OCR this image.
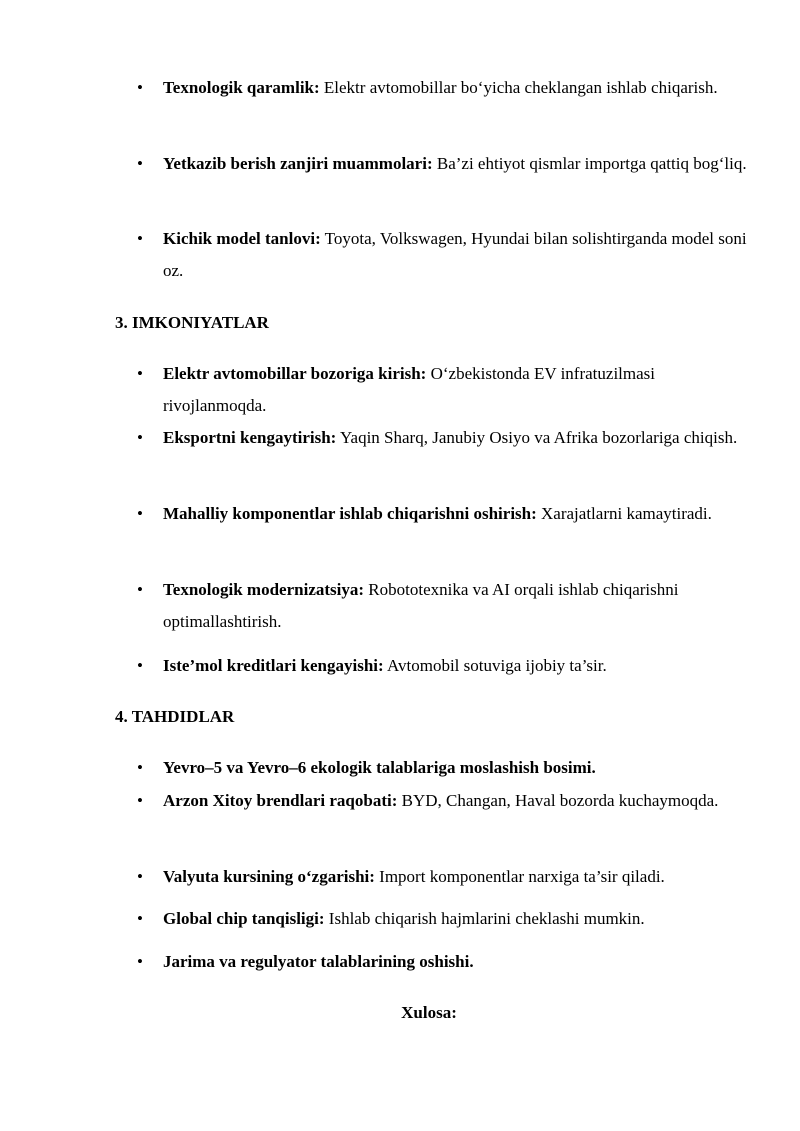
•	Texnologik qaramlik: Elektr avtomobillar bo‘yicha cheklangan ishlab chiqarish.
•	Yetkazib berish zanjiri muammolari: Ba’zi ehtiyot qismlar importga qattiq bog‘liq.
•	Kichik model tanlovi: Toyota, Volkswagen, Hyundai bilan solishtirganda model soni oz.
3. IMKONIYATLAR
•	Elektr avtomobillar bozoriga kirish: O‘zbekistonda EV infratuzilmasi rivojlanmoqda.
•	Eksportni kengaytirish: Yaqin Sharq, Janubiy Osiyo va Afrika bozorlariga chiqish.
•	Mahalliy komponentlar ishlab chiqarishni oshirish: Xarajatlarni kamaytiradi.
•	Texnologik modernizatsiya: Robototexnika va AI orqali ishlab chiqarishni optimallashtirish.
•	Iste’mol kreditlari kengayishi: Avtomobil sotuviga ijobiy ta’sir.
4. TAHDIDLAR
•	Yevro–5 va Yevro–6 ekologik talablariga moslashish bosimi.
•	Arzon Xitoy brendlari raqobati: BYD, Changan, Haval bozorda kuchaymoqda.
•	Valyuta kursining o‘zgarishi: Import komponentlar narxiga ta’sir qiladi.
•	Global chip tanqisligi: Ishlab chiqarish hajmlarini cheklashi mumkin.
•	Jarima va regulyator talablarining oshishi.
Xulosa:
